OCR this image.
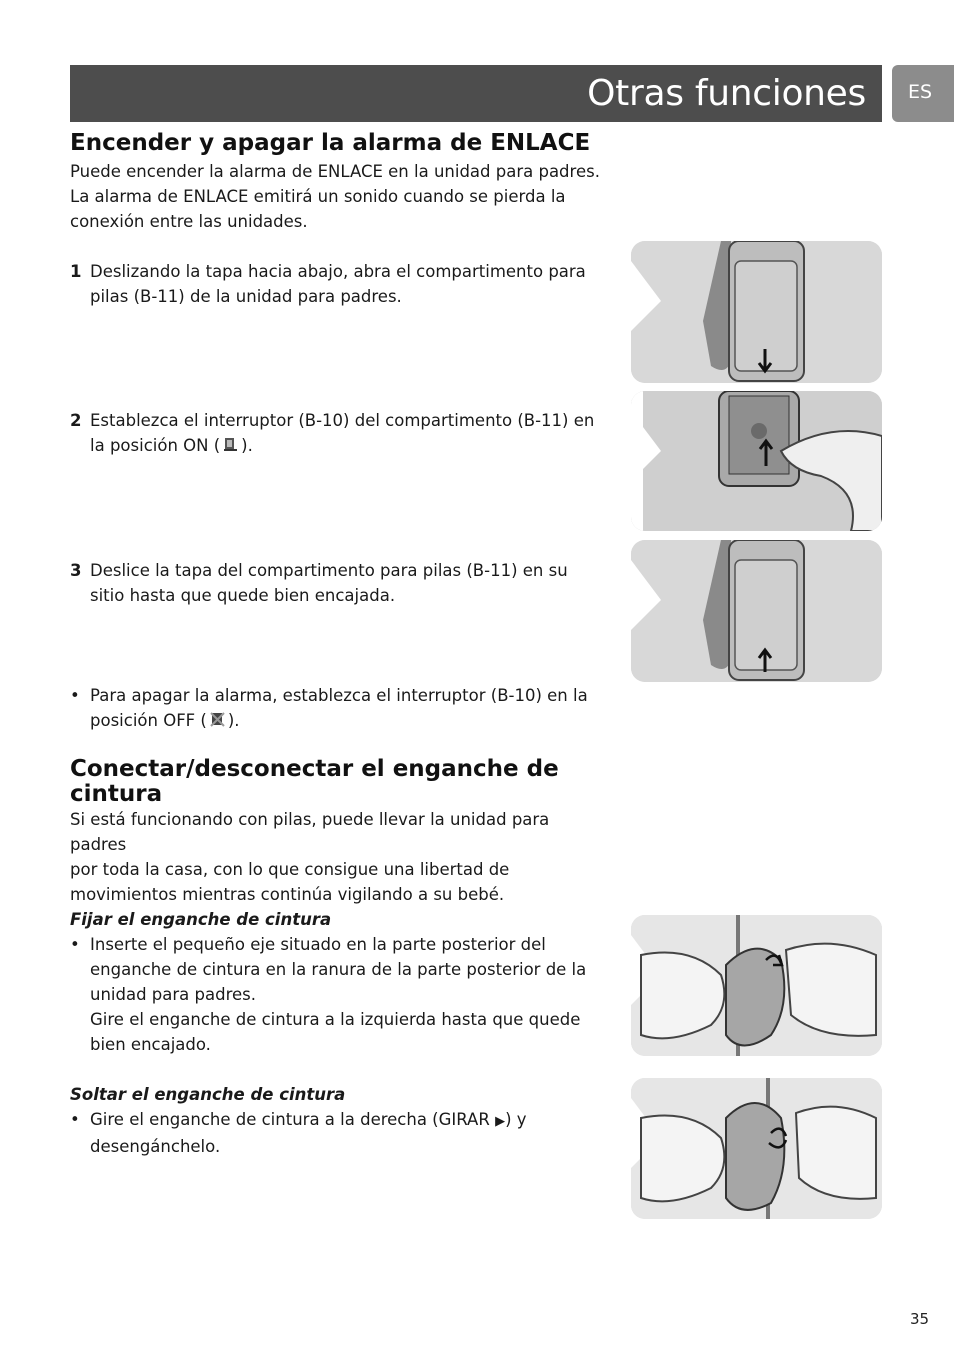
Otras funciones ES
Encender y apagar la alarma de ENLACE
Puede encender la alarma de ENLACE en la unidad para padres.
La alarma de ENLACE emitirá un sonido cuando se pierda la
conexión entre las unidades.
1 Deslizando la tapa hacia abajo, abra el compartimento para
pilas (B-11) de la unidad para padres.
2 Establezca el interruptor (B-10) del compartimento (B-11) en
la posición ON ( ).
3 Deslice la tapa del compartimento para pilas (B-11) en su
sitio hasta que quede bien encajada.
• Para apagar la alarma, establezca el interruptor (B-10) en la
posición OFF ( ).
Conectar/desconectar el enganche de
cintura
Si está funcionando con pilas, puede llevar la unidad para padres
por toda la casa, con lo que consigue una libertad de
movimientos mientras continúa vigilando a su bebé.
Fijar el enganche de cintura
• Inserte el pequeño eje situado en la parte posterior del
enganche de cintura en la ranura de la parte posterior de la
unidad para padres.
Gire el enganche de cintura a la izquierda hasta que quede
bien encajado.
Soltar el enganche de cintura
• Gire el enganche de cintura a la derecha (GIRAR ▶) y
desengánchelo.
35
